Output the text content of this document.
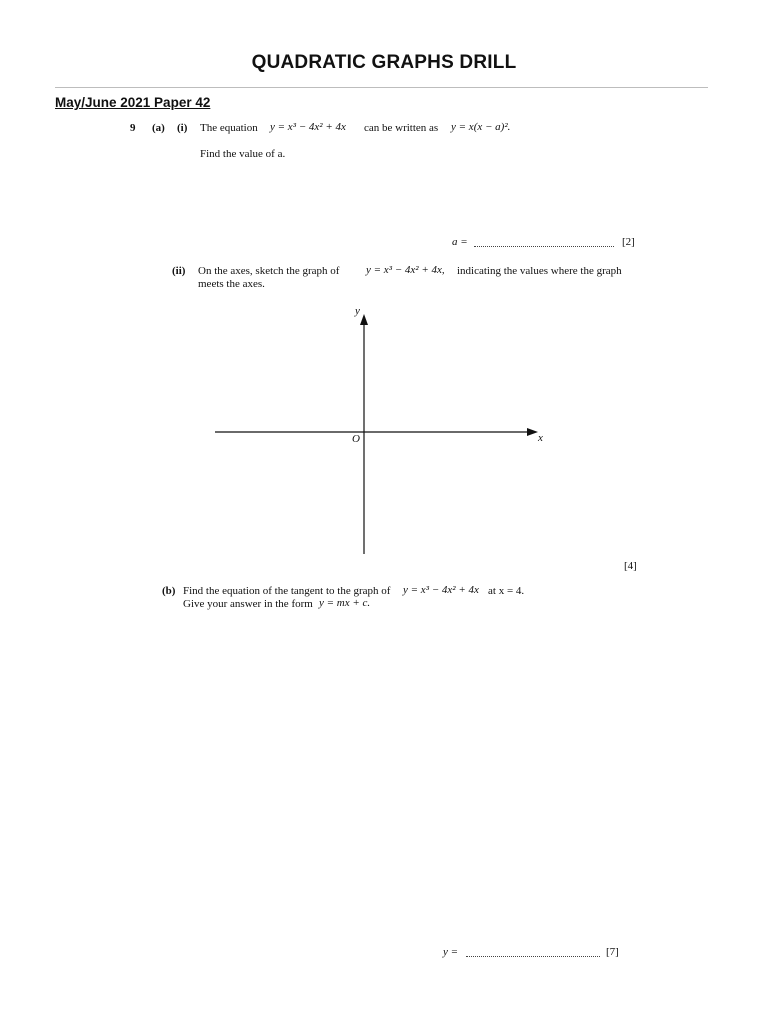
QUADRATIC GRAPHS DRILL
May/June 2021 Paper 42
9 (a) (i) The equation y = x³ − 4x² + 4x can be written as y = x(x − a)².
Find the value of a.
a =	[2]
(ii) On the axes, sketch the graph of y = x³ − 4x² + 4x, indicating the values where the graph
meets the axes.
y
x
O
[4]
(b) Find the equation of the tangent to the graph of y = x³ − 4x² + 4x at x = 4.
Give your answer in the form y = mx + c.
y =	[7]
